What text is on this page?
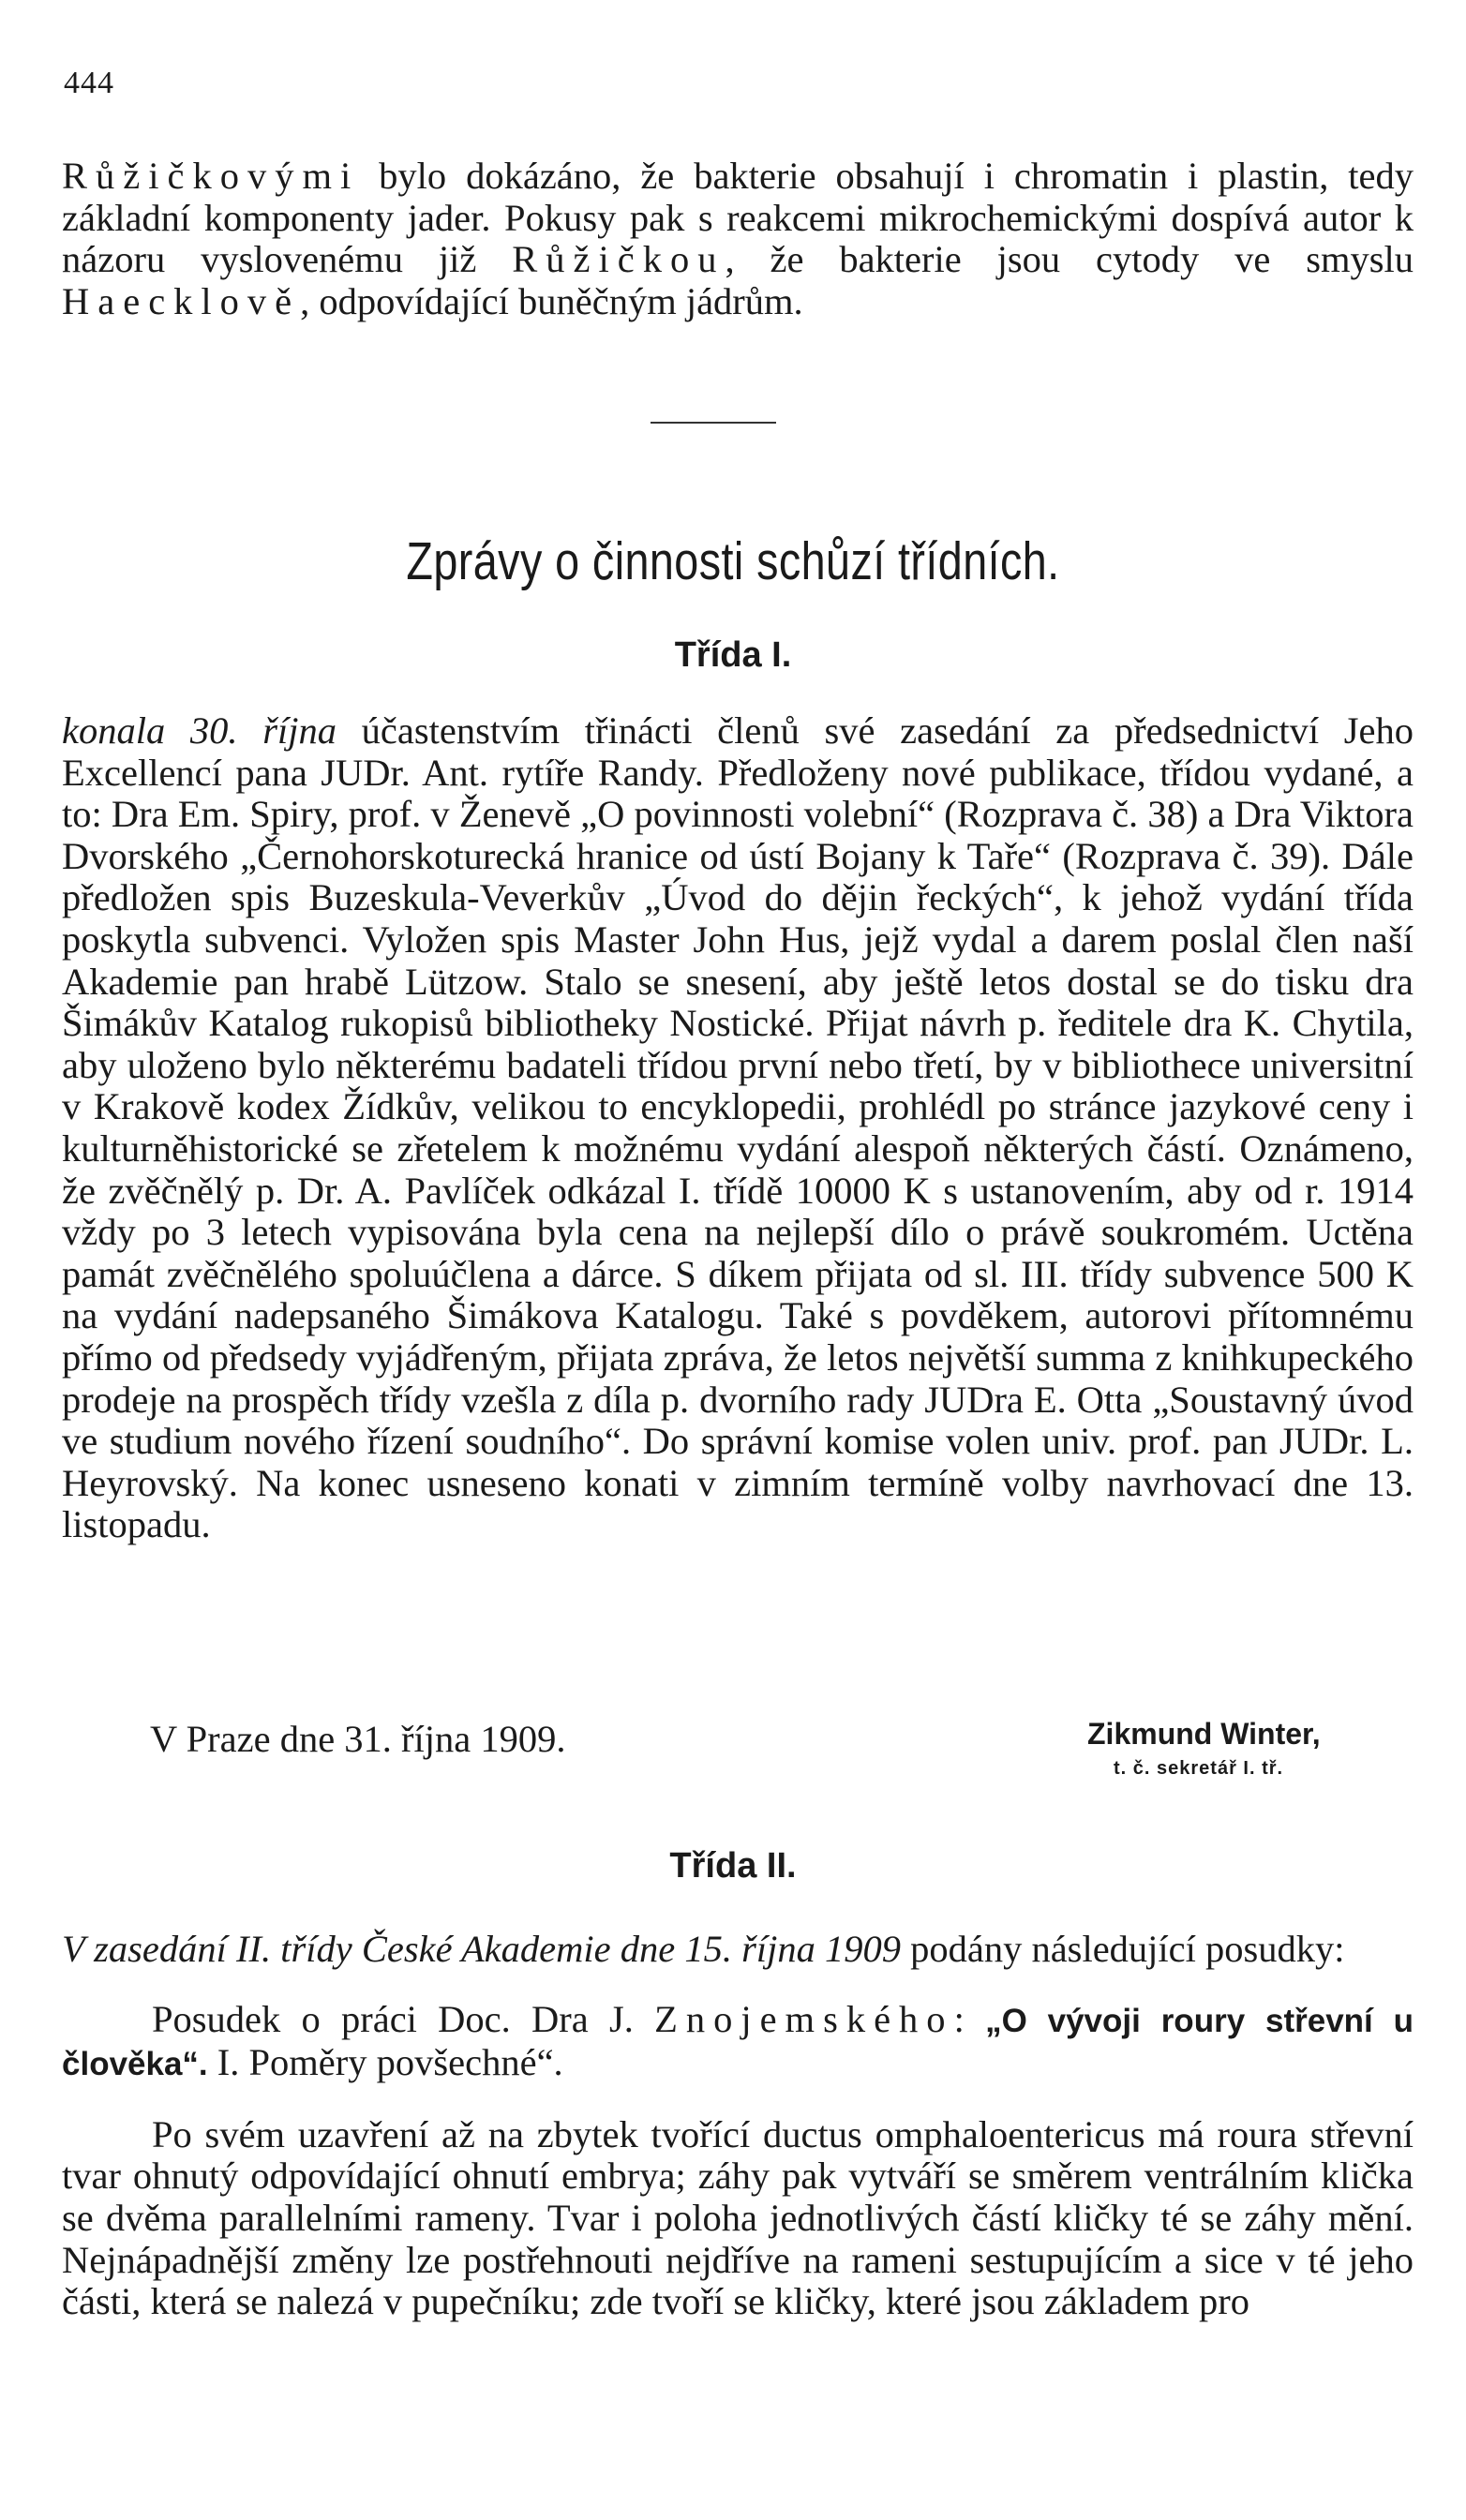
444

Růžičkovými bylo dokázáno, že bakterie obsahují i chromatin i plastin, tedy základní komponenty jader. Pokusy pak s reakcemi mikrochemickými dospívá autor k názoru vyslovenému již Růžičkou, že bakterie jsou cytody ve smyslu Haecklově, odpovídající buněčným jádrům.

Zprávy o činnosti schůzí třídních.
Třída I.

konala 30. října účastenstvím třinácti členů své zasedání za předsednictví Jeho Excellencí pana JUDr. Ant. rytíře Randy. Předloženy nové publikace, třídou vydané, a to: Dra Em. Spiry, prof. v Ženevě „O povinnosti volební“ (Rozprava č. 38) a Dra Viktora Dvorského „Černohorskoturecká hranice od ústí Bojany k Taře“ (Rozprava č. 39). Dále předložen spis Buzeskula-Veverkův „Úvod do dějin řeckých“, k jehož vydání třída poskytla subvenci. Vyložen spis Master John Hus, jejž vydal a darem poslal člen naší Akademie pan hrabě Lützow. Stalo se snesení, aby ještě letos dostal se do tisku dra Šimákův Katalog rukopisů bibliotheky Nostické. Přijat návrh p. ředitele dra K. Chytila, aby uloženo bylo některému badateli třídou první nebo třetí, by v bibliothece universitní v Krakově kodex Žídkův, velikou to encyklopedii, prohlédl po stránce jazykové ceny i kulturněhistorické se zřetelem k možnému vydání alespoň některých částí. Oznámeno, že zvěčnělý p. Dr. A. Pavlíček odkázal I. třídě 10000 K s ustanovením, aby od r. 1914 vždy po 3 letech vypisována byla cena na nejlepší dílo o právě soukromém. Uctěna památ zvěčnělého spoluúčlena a dárce. S díkem přijata od sl. III. třídy subvence 500 K na vydání nadepsaného Šimákova Katalogu. Také s povděkem, autorovi přítomnému přímo od předsedy vyjádřeným, přijata zpráva, že letos největší summa z knihkupeckého prodeje na prospěch třídy vzešla z díla p. dvorního rady JUDra E. Otta „Soustavný úvod ve studium nového řízení soudního“. Do správní komise volen univ. prof. pan JUDr. L. Heyrovský. Na konec usneseno konati v zimním termíně volby navrhovací dne 13. listopadu.

V Praze dne 31. října 1909.	Zikmund Winter,
t. č. sekretář I. tř.
Třída II.

V zasedání II. třídy České Akademie dne 15. října 1909 podány následující posudky:

Posudek o práci Doc. Dra J. Znojemského: „O vývoji roury střevní u člověka“. I. Poměry povšechné“.

Po svém uzavření až na zbytek tvořící ductus omphaloentericus má roura střevní tvar ohnutý odpovídající ohnutí embrya; záhy pak vytváří se směrem ventrálním klička se dvěma parallelními rameny. Tvar i poloha jednotlivých částí kličky té se záhy mění. Nejnápadnější změny lze postřehnouti nejdříve na rameni sestupujícím a sice v té jeho části, která se nalezá v pupečníku; zde tvoří se kličky, které jsou základem pro
